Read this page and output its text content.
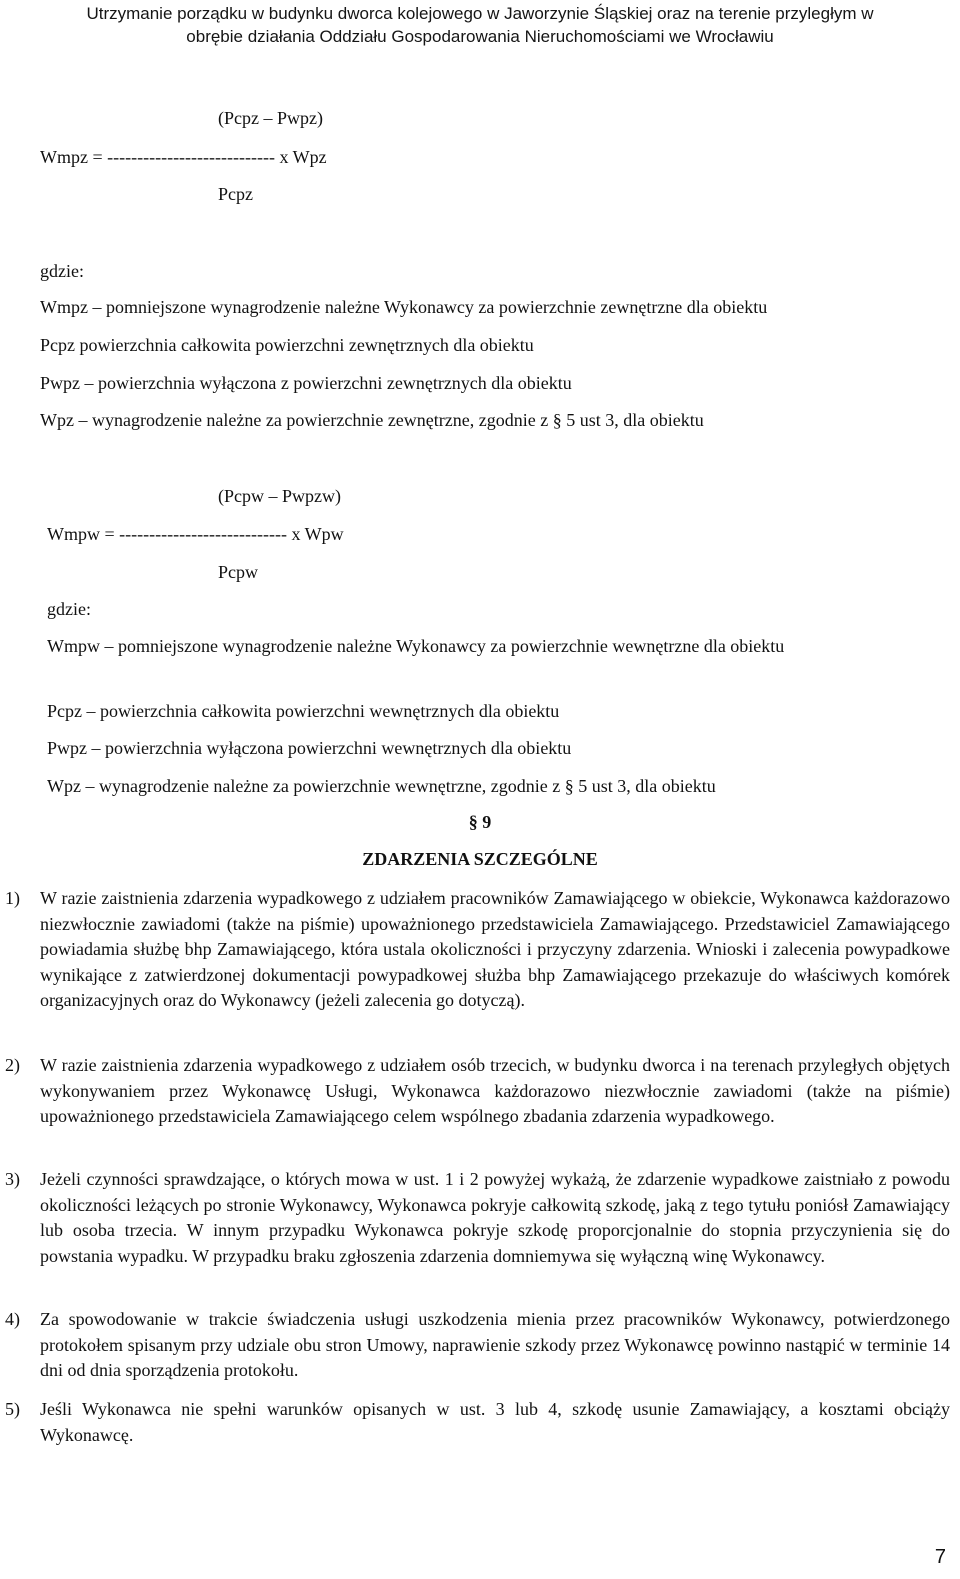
Utrzymanie porządku w budynku dworca kolejowego w Jaworzynie Śląskiej oraz na terenie przyległym w
obrębie działania Oddziału Gospodarowania Nieruchomościami we Wrocławiu
(Pcpz – Pwpz)
Wmpz = ---------------------------- x Wpz
Pcpz
gdzie:
Wmpz – pomniejszone wynagrodzenie należne Wykonawcy za powierzchnie zewnętrzne dla obiektu
Pcpz powierzchnia całkowita powierzchni zewnętrznych dla obiektu
Pwpz – powierzchnia wyłączona z powierzchni zewnętrznych dla obiektu
Wpz – wynagrodzenie należne za powierzchnie zewnętrzne, zgodnie z § 5 ust 3, dla obiektu
(Pcpw – Pwpzw)
Wmpw = ---------------------------- x Wpw
Pcpw
gdzie:
Wmpw – pomniejszone wynagrodzenie należne Wykonawcy za powierzchnie wewnętrzne dla obiektu
Pcpz – powierzchnia całkowita powierzchni wewnętrznych dla obiektu
Pwpz – powierzchnia wyłączona powierzchni wewnętrznych dla obiektu
Wpz – wynagrodzenie należne za powierzchnie wewnętrzne, zgodnie z § 5 ust 3, dla obiektu
§ 9
ZDARZENIA SZCZEGÓLNE
1) W razie zaistnienia zdarzenia wypadkowego z udziałem pracowników Zamawiającego w obiekcie, Wykonawca każdorazowo niezwłocznie zawiadomi (także na piśmie) upoważnionego przedstawiciela Zamawiającego. Przedstawiciel Zamawiającego powiadamia służbę bhp Zamawiającego, która ustala okoliczności i przyczyny zdarzenia. Wnioski i zalecenia powypadkowe wynikające z zatwierdzonej dokumentacji powypadkowej służba bhp Zamawiającego przekazuje do właściwych komórek organizacyjnych oraz do Wykonawcy (jeżeli zalecenia go dotyczą).
2) W razie zaistnienia zdarzenia wypadkowego z udziałem osób trzecich, w budynku dworca i na terenach przyległych objętych wykonywaniem przez Wykonawcę Usługi, Wykonawca każdorazowo niezwłocznie zawiadomi (także na piśmie) upoważnionego przedstawiciela Zamawiającego celem wspólnego zbadania zdarzenia wypadkowego.
3) Jeżeli czynności sprawdzające, o których mowa w ust. 1 i 2 powyżej wykażą, że zdarzenie wypadkowe zaistniało z powodu okoliczności leżących po stronie Wykonawcy, Wykonawca pokryje całkowitą szkodę, jaką z tego tytułu poniósł Zamawiający lub osoba trzecia. W innym przypadku Wykonawca pokryje szkodę proporcjonalnie do stopnia przyczynienia się do powstania wypadku. W przypadku braku zgłoszenia zdarzenia domniemywa się wyłączną winę Wykonawcy.
4) Za spowodowanie w trakcie świadczenia usługi uszkodzenia mienia przez pracowników Wykonawcy, potwierdzonego protokołem spisanym przy udziale obu stron Umowy, naprawienie szkody przez Wykonawcę powinno nastąpić w terminie 14 dni od dnia sporządzenia protokołu.
5) Jeśli Wykonawca nie spełni warunków opisanych w ust. 3 lub 4, szkodę usunie Zamawiający, a kosztami obciąży Wykonawcę.
7
